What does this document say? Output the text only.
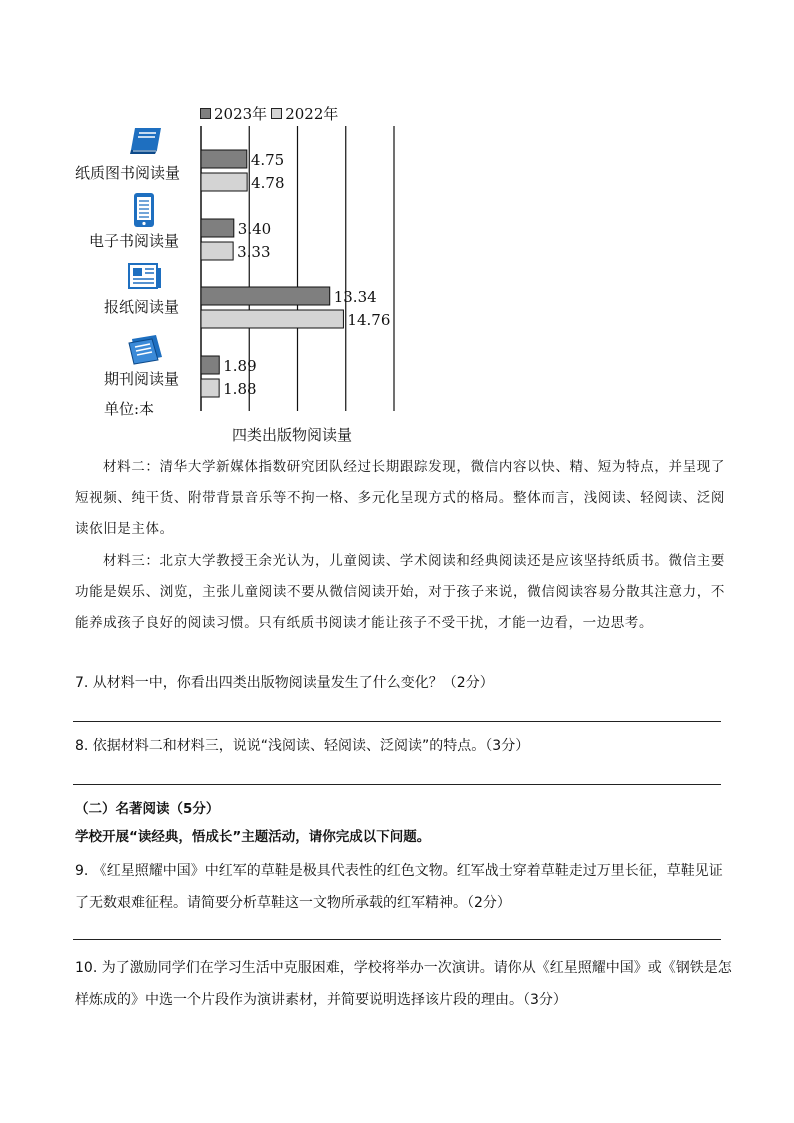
2023年 2022年
4.75
4.78
3.40
3.33
13.34
14.76
1.89
1.88
纸质图书阅读量
电子书阅读量
报纸阅读量
期刊阅读量
单位:本
四类出版物阅读量
材料二：清华大学新媒体指数研究团队经过长期跟踪发现，微信内容以快、精、短为特点，并呈现了短视频、纯干货、附带背景音乐等不拘一格、多元化呈现方式的格局。整体而言，浅阅读、轻阅读、泛阅读依旧是主体。
材料三：北京大学教授王余光认为，儿童阅读、学术阅读和经典阅读还是应该坚持纸质书。微信主要功能是娱乐、浏览，主张儿童阅读不要从微信阅读开始，对于孩子来说，微信阅读容易分散其注意力，不能养成孩子良好的阅读习惯。只有纸质书阅读才能让孩子不受干扰，才能一边看，一边思考。
7. 从材料一中，你看出四类出版物阅读量发生了什么变化？（2分）
8. 依据材料二和材料三，说说“浅阅读、轻阅读、泛阅读”的特点。（3分）
（二）名著阅读（5分）
学校开展“读经典，悟成长”主题活动，请你完成以下问题。
9. 《红星照耀中国》中红军的草鞋是极具代表性的红色文物。红军战士穿着草鞋走过万里长征，草鞋见证了无数艰难征程。请简要分析草鞋这一文物所承载的红军精神。（2分）
10. 为了激励同学们在学习生活中克服困难，学校将举办一次演讲。请你从《红星照耀中国》或《钢铁是怎样炼成的》中选一个片段作为演讲素材，并简要说明选择该片段的理由。（3分）
